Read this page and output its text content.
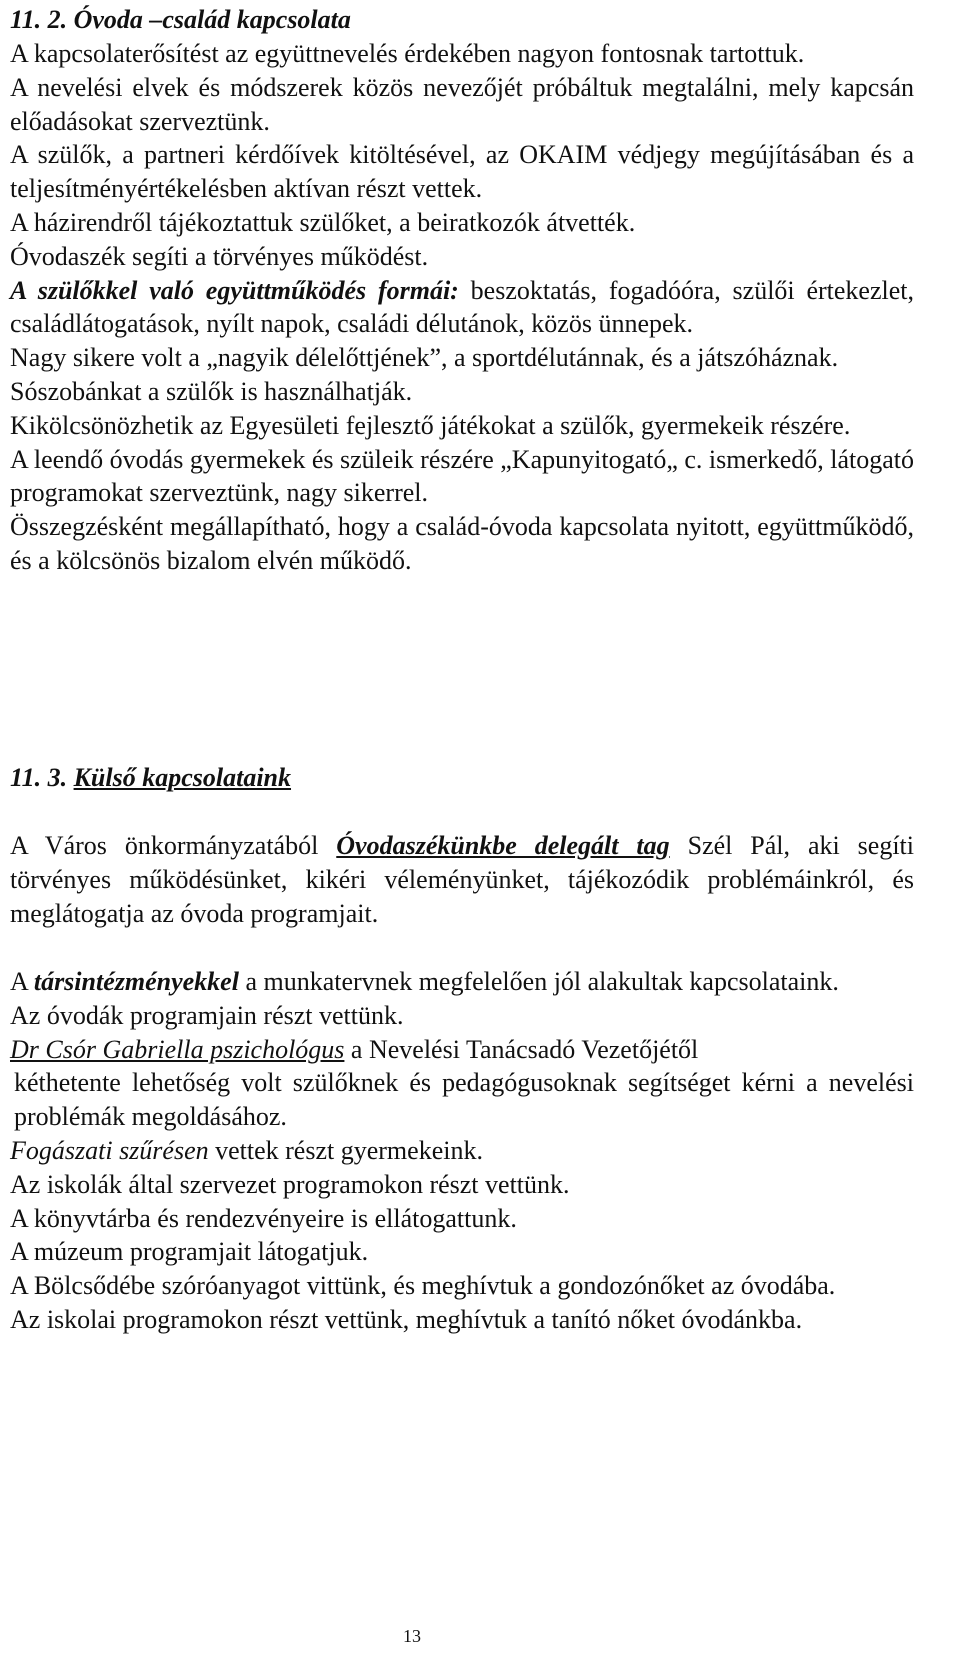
11. 2. Óvoda –család kapcsolata

A kapcsolaterősítést az együttnevelés érdekében nagyon fontosnak tartottuk.

A nevelési elvek és módszerek közös nevezőjét próbáltuk megtalálni, mely kapcsán előadásokat szerveztünk.

A szülők, a partneri kérdőívek kitöltésével, az OKAIM védjegy megújításában és a teljesítményértékelésben aktívan részt vettek.

A házirendről tájékoztattuk szülőket, a beiratkozók átvették.

Óvodaszék segíti a törvényes működést.

A szülőkkel való együttműködés formái: beszoktatás, fogadóóra, szülői értekezlet, családlátogatások, nyílt napok, családi délutánok, közös ünnepek.

Nagy sikere volt a „nagyik délelőttjének”, a sportdélutánnak, és a játszóháznak.

Sószobánkat a szülők is használhatják.

Kikölcsönözhetik az Egyesületi fejlesztő játékokat a szülők, gyermekeik részére.

A leendő óvodás gyermekek és szüleik részére „Kapunyitogató„ c. ismerkedő, látogató programokat szerveztünk, nagy sikerrel.

Összegzésként megállapítható, hogy a család-óvoda kapcsolata nyitott, együttműködő, és a kölcsönös bizalom elvén működő.

11. 3. Külső kapcsolataink

A Város önkormányzatából Óvodaszékünkbe delegált tag Szél Pál, aki segíti törvényes működésünket, kikéri véleményünket, tájékozódik problémáinkról, és meglátogatja az óvoda programjait.

A társintézményekkel a munkatervnek megfelelően jól alakultak kapcsolataink.

Az óvodák programjain részt vettünk.

Dr Csór Gabriella pszichológus a Nevelési Tanácsadó Vezetőjétől

kéthetente lehetőség volt szülőknek és pedagógusoknak segítséget kérni a nevelési problémák megoldásához.

Fogászati szűrésen vettek részt gyermekeink.

Az iskolák által szervezet programokon részt vettünk.

A könyvtárba és rendezvényeire is ellátogattunk.

A múzeum programjait látogatjuk.

A Bölcsődébe szóróanyagot vittünk, és meghívtuk a gondozónőket az óvodába.

Az iskolai programokon részt vettünk, meghívtuk a tanító nőket óvodánkba.

13
